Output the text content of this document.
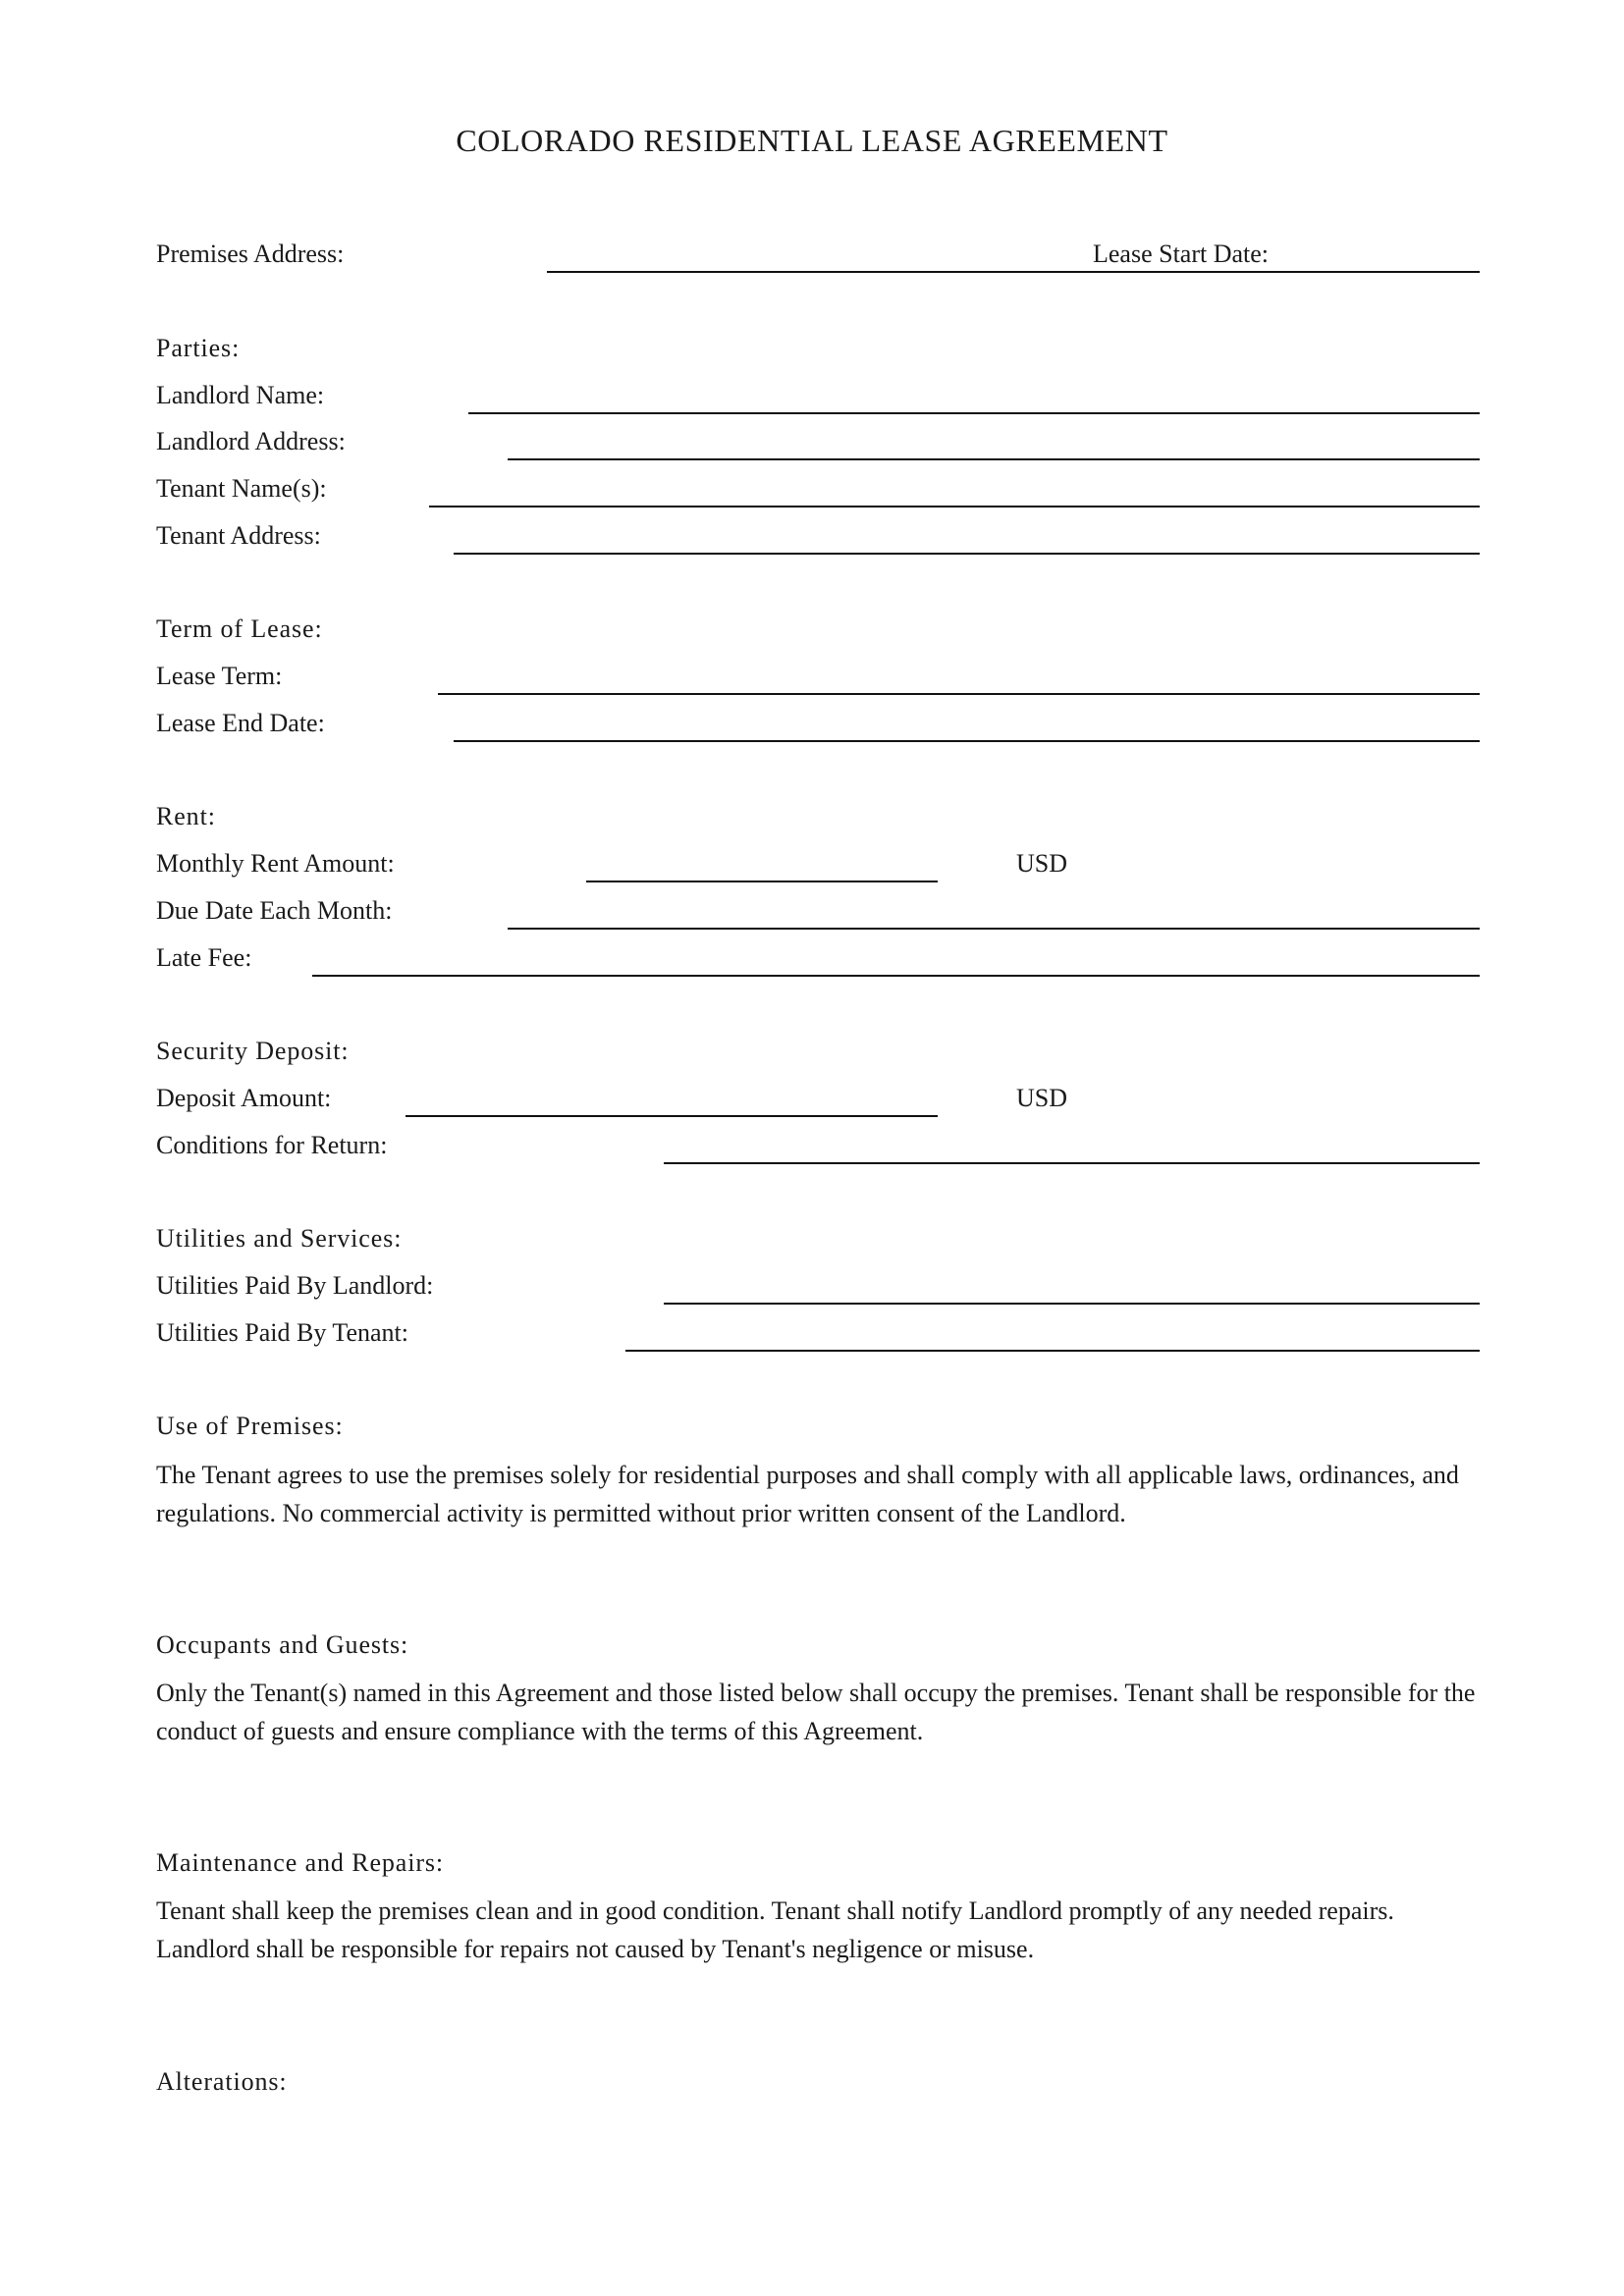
COLORADO RESIDENTIAL LEASE AGREEMENT
Premises Address:	Lease Start Date:
Parties:
Landlord Name:
Landlord Address:
Tenant Name(s):
Tenant Address:
Term of Lease:
Lease Term:
Lease End Date:
Rent:
Monthly Rent Amount:	USD
Due Date Each Month:
Late Fee:
Security Deposit:
Deposit Amount:	USD
Conditions for Return:
Utilities and Services:
Utilities Paid By Landlord:
Utilities Paid By Tenant:
Use of Premises:
The Tenant agrees to use the premises solely for residential purposes and shall comply with all applicable laws, ordinances, and regulations. No commercial activity is permitted without prior written consent of the Landlord.
Occupants and Guests:
Only the Tenant(s) named in this Agreement and those listed below shall occupy the premises. Tenant shall be responsible for the conduct of guests and ensure compliance with the terms of this Agreement.
Maintenance and Repairs:
Tenant shall keep the premises clean and in good condition. Tenant shall notify Landlord promptly of any needed repairs. Landlord shall be responsible for repairs not caused by Tenant's negligence or misuse.
Alterations:
